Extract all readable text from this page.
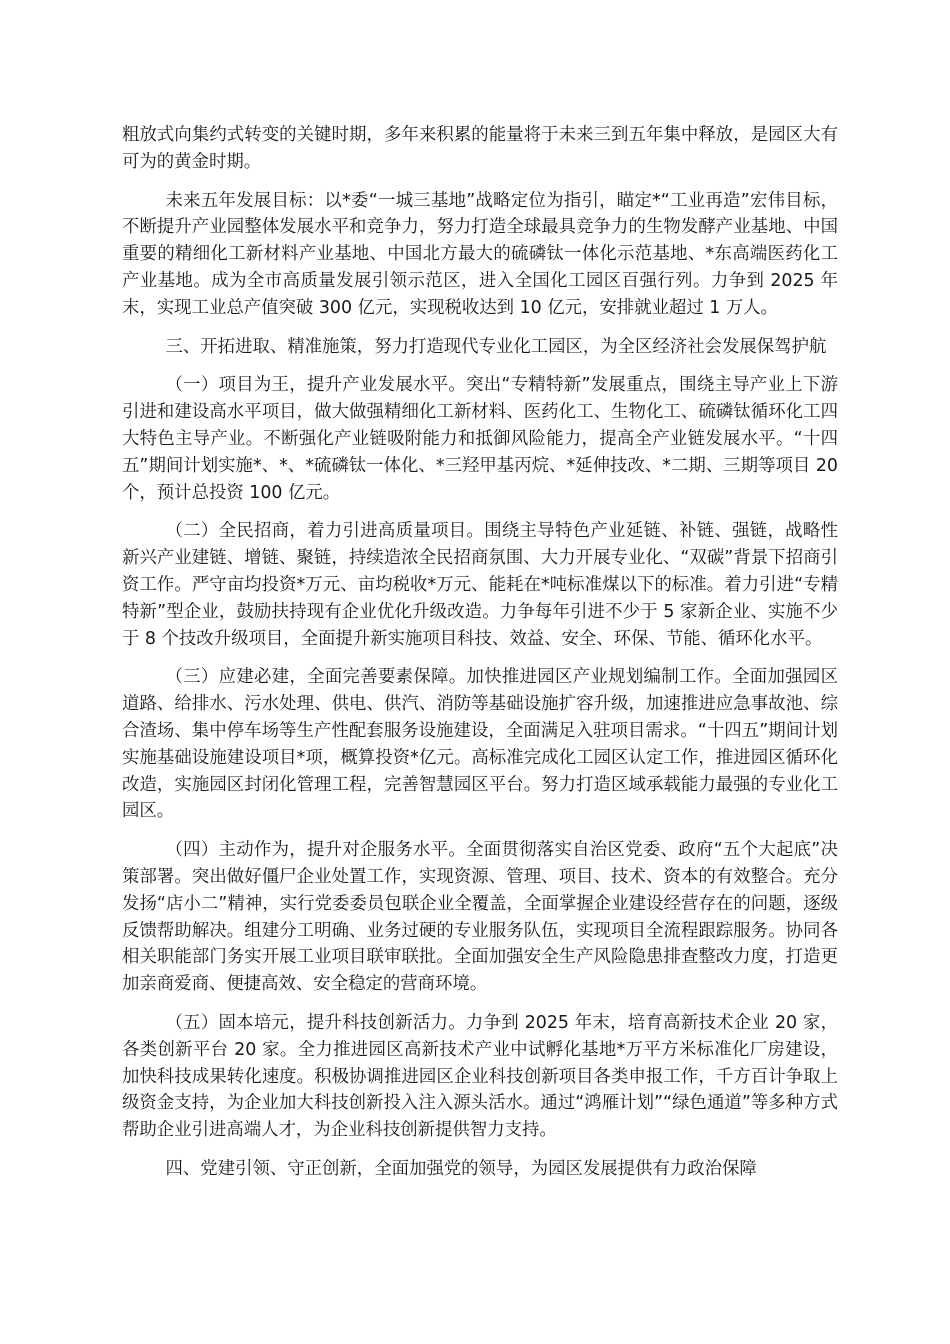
粗放式向集约式转变的关键时期，多年来积累的能量将于未来三到五年集中释放，是园区大有可为的黄金时期。

未来五年发展目标：以*委“一城三基地”战略定位为指引，瞄定*“工业再造”宏伟目标，不断提升产业园整体发展水平和竞争力，努力打造全球最具竞争力的生物发酵产业基地、中国重要的精细化工新材料产业基地、中国北方最大的硫磷钛一体化示范基地、*东高端医药化工产业基地。成为全市高质量发展引领示范区，进入全国化工园区百强行列。力争到 2025 年末，实现工业总产值突破 300 亿元，实现税收达到 10 亿元，安排就业超过 1 万人。

三、开拓进取、精准施策，努力打造现代专业化工园区，为全区经济社会发展保驾护航

（一）项目为王，提升产业发展水平。突出“专精特新”发展重点，围绕主导产业上下游引进和建设高水平项目，做大做强精细化工新材料、医药化工、生物化工、硫磷钛循环化工四大特色主导产业。不断强化产业链吸附能力和抵御风险能力，提高全产业链发展水平。“十四五”期间计划实施*、*、*硫磷钛一体化、*三羟甲基丙烷、*延伸技改、*二期、三期等项目 20 个，预计总投资 100 亿元。

（二）全民招商，着力引进高质量项目。围绕主导特色产业延链、补链、强链，战略性新兴产业建链、增链、聚链，持续造浓全民招商氛围、大力开展专业化、“双碳”背景下招商引资工作。严守亩均投资*万元、亩均税收*万元、能耗在*吨标准煤以下的标准。着力引进“专精特新”型企业，鼓励扶持现有企业优化升级改造。力争每年引进不少于 5 家新企业、实施不少于 8 个技改升级项目，全面提升新实施项目科技、效益、安全、环保、节能、循环化水平。

（三）应建必建，全面完善要素保障。加快推进园区产业规划编制工作。全面加强园区道路、给排水、污水处理、供电、供汽、消防等基础设施扩容升级，加速推进应急事故池、综合渣场、集中停车场等生产性配套服务设施建设，全面满足入驻项目需求。“十四五”期间计划实施基础设施建设项目*项，概算投资*亿元。高标准完成化工园区认定工作，推进园区循环化改造，实施园区封闭化管理工程，完善智慧园区平台。努力打造区域承载能力最强的专业化工园区。

（四）主动作为，提升对企服务水平。全面贯彻落实自治区党委、政府“五个大起底”决策部署。突出做好僵尸企业处置工作，实现资源、管理、项目、技术、资本的有效整合。充分发扬“店小二”精神，实行党委委员包联企业全覆盖，全面掌握企业建设经营存在的问题，逐级反馈帮助解决。组建分工明确、业务过硬的专业服务队伍，实现项目全流程跟踪服务。协同各相关职能部门务实开展工业项目联审联批。全面加强安全生产风险隐患排查整改力度，打造更加亲商爱商、便捷高效、安全稳定的营商环境。

（五）固本培元，提升科技创新活力。力争到 2025 年末，培育高新技术企业 20 家，各类创新平台 20 家。全力推进园区高新技术产业中试孵化基地*万平方米标准化厂房建设，加快科技成果转化速度。积极协调推进园区企业科技创新项目各类申报工作，千方百计争取上级资金支持，为企业加大科技创新投入注入源头活水。通过“鸿雁计划”“绿色通道”等多种方式帮助企业引进高端人才，为企业科技创新提供智力支持。

四、党建引领、守正创新，全面加强党的领导，为园区发展提供有力政治保障
